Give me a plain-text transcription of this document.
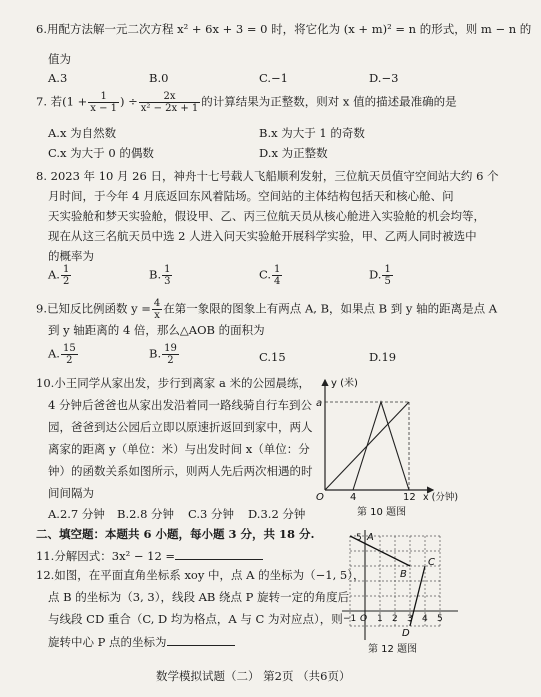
6.用配方法解一元二次方程 x² + 6x + 3 = 0 时，将它化为 (x + m)² = n 的形式，则 m − n 的
值为
A.3	B.0	C.−1	D.−3
7. 若($1 + \frac{1}{x - 1}$ ) ÷ $\frac{2x}{\text{x² − 2x + 1}}$ 的计算结果为正整数，则对 x 值的描述最准确的是
A.x 为自然数	B.x 为大于 1 的奇数
C.x 为大于 0 的偶数	D.x 为正整数
8. 2023 年 10 月 26 日，神舟十七号载人飞船顺利发射，三位航天员值守空间站大约 6 个
月时间，于今年 4 月底返回东风着陆场。空间站的主体结构包括天和核心舱、问
天实验舱和梦天实验舱，假设甲、乙、丙三位航天员从核心舱进入实验舱的机会均等，
现在从这三名航天员中选 2 人进入问天实验舱开展科学实验，甲、乙两人同时被选中
的概率为
A. $\frac{1}{2}$	B. $\frac{1}{3}$	C. $\frac{1}{4}$	D. $\frac{1}{5}$
9.已知反比例函数 $y = \frac{4}{x}$ 在第一象限的图象上有两点 A, B，如果点 B 到 y 轴的距离是点 A
到 y 轴距离的 4 倍，那么△AOB 的面积为
A. $\frac{15}{2}$	B. $\frac{19}{2}$	C.15	D.19
10.小王同学从家出发，步行到离家 a 米的公园晨练，
4 分钟后爸爸也从家出发沿着同一路线骑自行车到公
园，爸爸到达公园后立即以原速折返回到家中，两人
离家的距离 y（单位：米）与出发时间 x（单位：分
钟）的函数关系如图所示，则两人先后两次相遇的时
间间隔为
A.2.7 分钟 B.2.8 分钟 C.3 分钟 D.3.2 分钟
y (米)
a
O	4	12 x (分钟)
第 10 题图
二、填空题：本题共 6 小题，每小题 3 分，共 18 分.
11.分解因式：3x² − 12 =
12.如图，在平面直角坐标系 xoy 中，点 A 的坐标为（−1, 5），
点 B 的坐标为（3, 3），线段 AB 绕点 P 旋转一定的角度后
与线段 CD 重合（C, D 均为格点，A 与 C 为对应点），则
旋转中心 P 点的坐标为
5 A
B
C
D
O
−1 1 2 3 4 5
第 12 题图
数学模拟试题（二） 第2页 （共6页）
